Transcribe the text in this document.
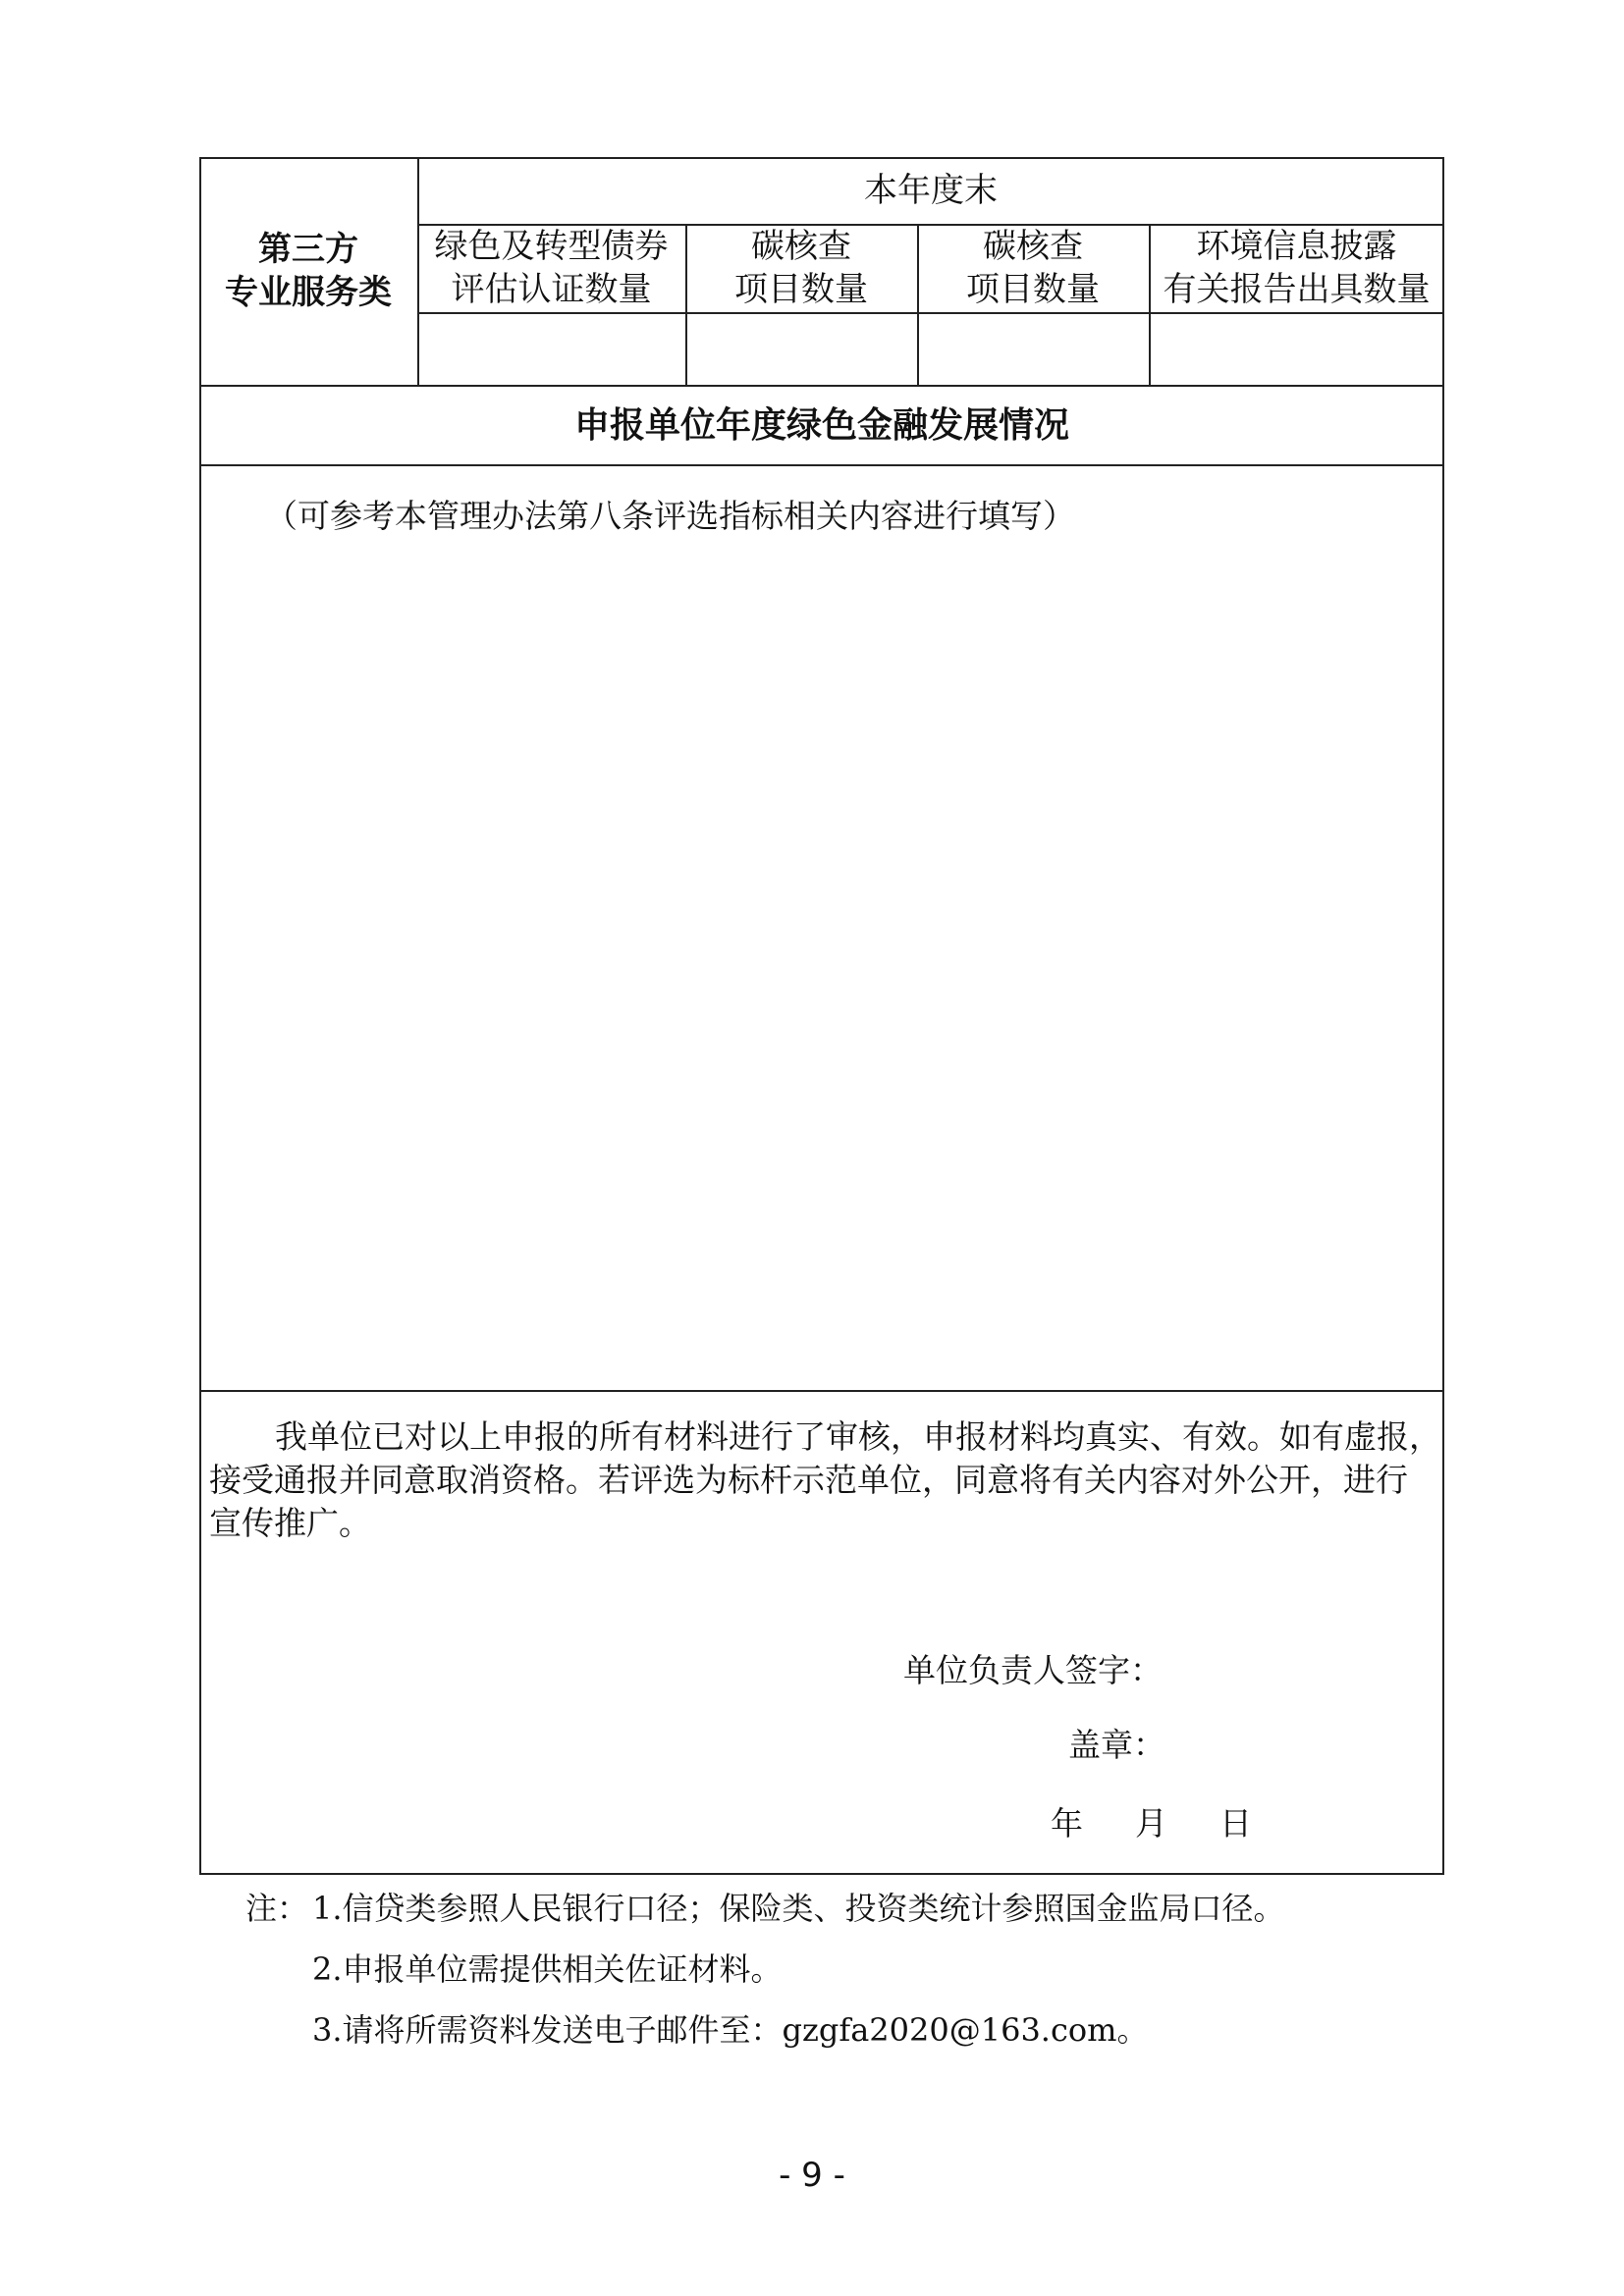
第三方
专业服务类
本年度末
绿色及转型债券
评估认证数量
碳核查
项目数量
碳核查
项目数量
环境信息披露
有关报告出具数量
申报单位年度绿色金融发展情况
（可参考本管理办法第八条评选指标相关内容进行填写）
我单位已对以上申报的所有材料进行了审核，申报材料均真实、有效。如有虚报，
接受通报并同意取消资格。若评选为标杆示范单位，同意将有关内容对外公开，进行
宣传推广。
单位负责人签字：
盖章：
年 月 日
注： 1.信贷类参照人民银行口径；保险类、投资类统计参照国金监局口径。
2.申报单位需提供相关佐证材料。
3.请将所需资料发送电子邮件至：gzgfa2020@163.com。
- 9 -
